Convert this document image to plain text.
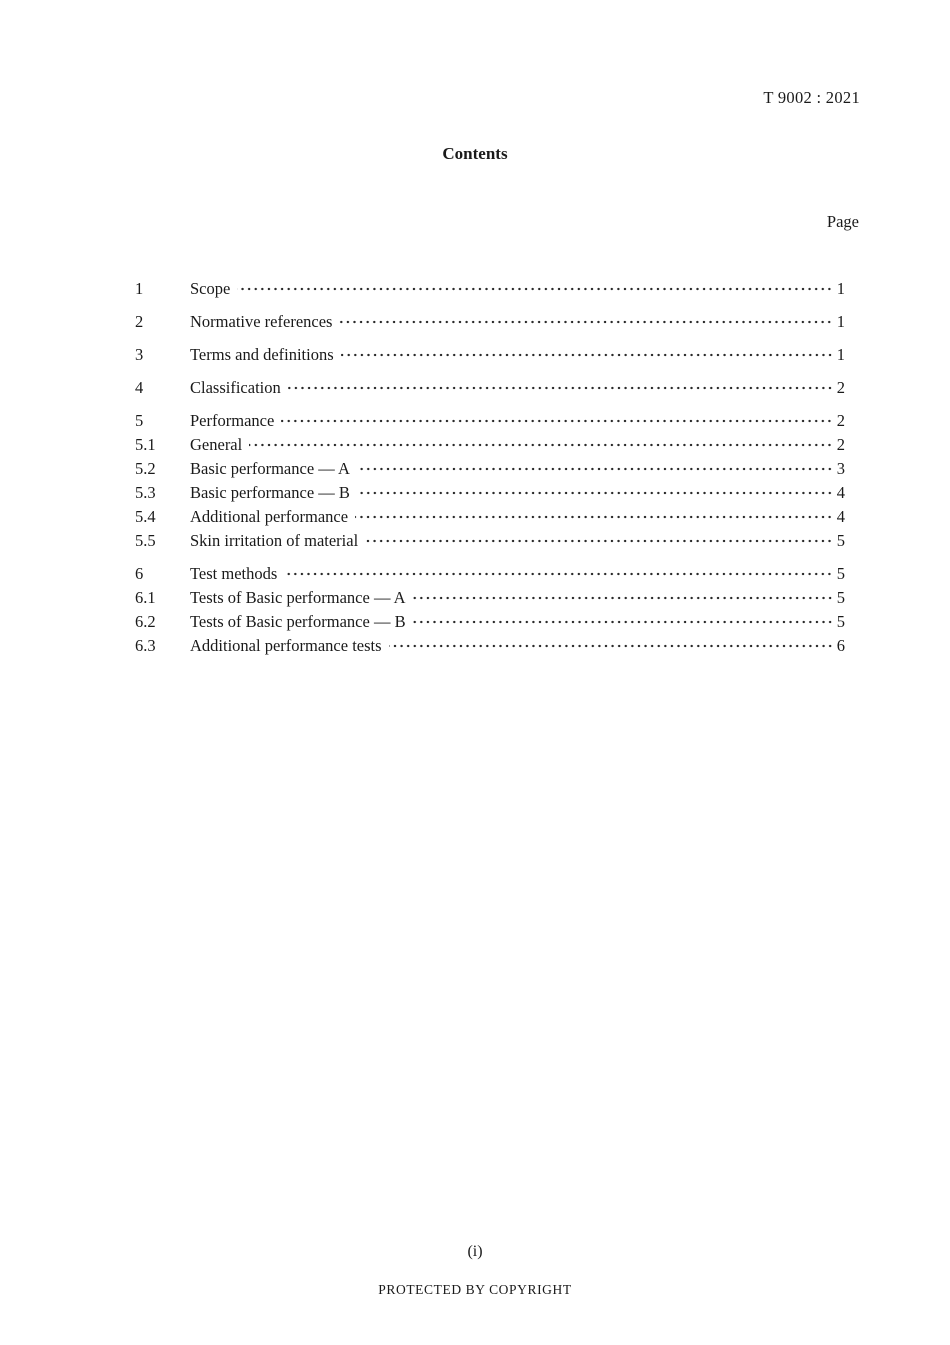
T 9002 : 2021
Contents
Page
1	Scope	1
2	Normative references	1
3	Terms and definitions	1
4	Classification	2
5	Performance	2
5.1	General	2
5.2	Basic performance — A	3
5.3	Basic performance — B	4
5.4	Additional performance	4
5.5	Skin irritation of material	5
6	Test methods	5
6.1	Tests of Basic performance — A	5
6.2	Tests of Basic performance — B	5
6.3	Additional performance tests	6
(i)
PROTECTED BY COPYRIGHT
